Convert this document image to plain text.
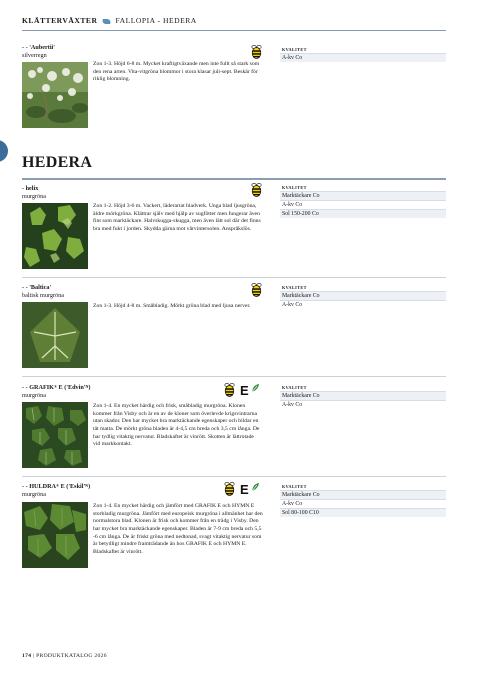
KLÄTTERVÄXTER FALLOPIA - HEDERA
- - 'Aubertii'
silverregn
Zon 1-3. Höjd 6-8 m. Mycket kraftigtväxande men inte fullt så stark som den rena arten. Vita-vitgröna blommor i stora klasar juli-sept. Beskär för riklig blomning.
KVALITET
A-kv Co
HEDERA
- helix
murgröna
Zon 1-2. Höjd 3-6 m. Vackert, läderartat bladverk. Unga blad ljusgröna, äldre mörkgröna. Klättrar själv med hjälp av sugfötter men fungerar även fint som marktäckare. Halvskugga-skugga, men även lätt sol där det finns bra med fukt i jorden. Skydda gärna mot vårvintersolen. Anspråkslös.
KVALITET
Marktäckare Co
A-kv Co
Sol 150-200 Co
- - 'Baltica'
baltisk murgröna
Zon 1-3. Höjd 4-8 m. Småbladig. Mörkt gröna blad med ljusa nerver.
KVALITET
Marktäckare Co
A-kv Co
- - GRAFIK® E $('Edvin'^N)$
murgröna
Zon 1-4. En mycket härdig och frisk, småbladig murgröna. Klonen kommer från Visby och är en av de kloner som överlevde krigsvintrarna utan skador. Den har mycket bra marktäckande egenskaper och bildar en tät matta. De mörkt gröna bladen är 4-4,5 cm breda och 3,5 cm långa. De har tydlig vitaktig nervatur. Bladskaftet är vinrött. Skotten är lättrotade vid markkontakt.
E	KVALITET
Marktäckare Co
A-kv Co
- - HULDRA® E $('Eskil'^N)$
murgröna
Zon 1-4. En mycket härdig och jämfört med GRAFIK E och HYMN E storbladig murgröna. Jämfört med europeisk murgröna i allmänhet har den normalstora blad. Klonen är frisk och kommer från en trädg i Visby. Den har mycket bra marktäckande egenskaper. Bladen är 7-9 cm breda och 5,5 -6 cm långa. De är friskt gröna med nedtonad, svagt vitaktig nervatur som är betydligt mindre framträdande än hos GRAFIK E och HYMN E. Bladskaftet är vinrött.
E	KVALITET
Marktäckare Co
A-kv Co
Sol 80-100 C10
174 | PRODUKTKATALOG 2026
